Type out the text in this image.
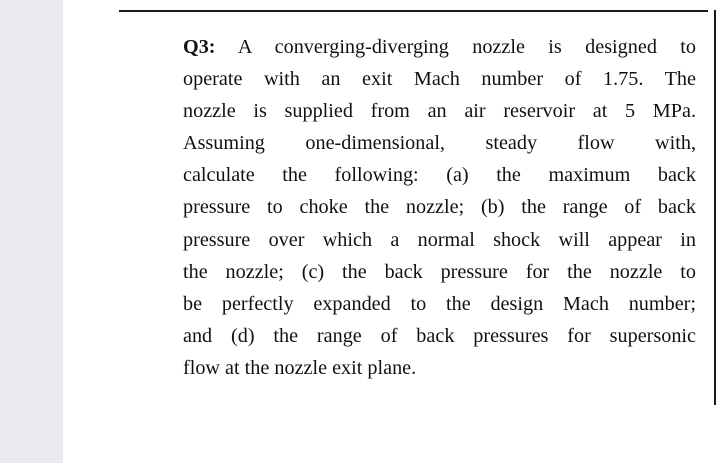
Q3: A converging-diverging nozzle is designed to
operate with an exit Mach number of 1.75. The
nozzle is supplied from an air reservoir at 5 MPa.
Assuming one-dimensional, steady flow with,
calculate the following: (a) the maximum back
pressure to choke the nozzle; (b) the range of back
pressure over which a normal shock will appear in
the nozzle; (c) the back pressure for the nozzle to
be perfectly expanded to the design Mach number;
and (d) the range of back pressures for supersonic
flow at the nozzle exit plane.
